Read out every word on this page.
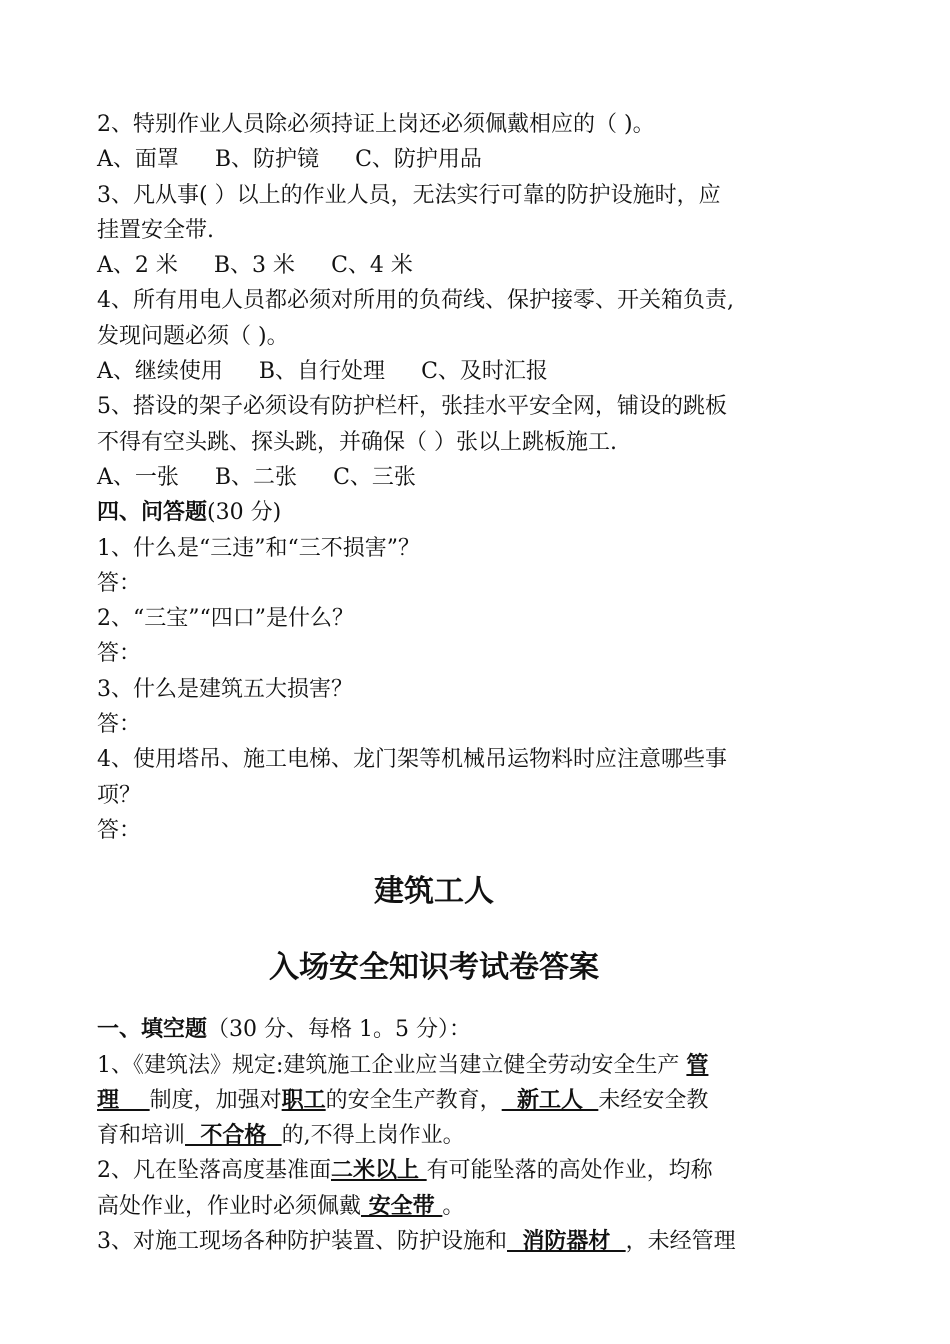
2、特别作业人员除必须持证上岗还必须佩戴相应的（ )。
A、面罩 B、防护镜 C、防护用品
3、凡从事( ）以上的作业人员，无法实行可靠的防护设施时，应
挂置安全带.
A、2 米 B、3 米 C、4 米
4、所有用电人员都必须对所用的负荷线、保护接零、开关箱负责,
发现问题必须（ )。
A、继续使用 B、自行处理 C、及时汇报
5、搭设的架子必须设有防护栏杆，张挂水平安全网，铺设的跳板
不得有空头跳、探头跳，并确保（ ）张以上跳板施工.
A、一张 B、二张 C、三张
四、问答题(30 分)
1、什么是“三违”和“三不损害”？
答：
2、“三宝”“四口”是什么？
答：
3、什么是建筑五大损害？
答：
4、使用塔吊、施工电梯、龙门架等机械吊运物料时应注意哪些事
项？
答：
建筑工人
入场安全知识考试卷答案
一、填空题（30 分、每格 1。5 分）：
1、《建筑法》规定:建筑施工企业应当建立健全劳动安全生产 管
理    制度，加强对职工的安全生产教育，  新工人  未经安全教
育和培训  不合格  的,不得上岗作业。
2、凡在坠落高度基准面二米以上 有可能坠落的高处作业，均称
高处作业，作业时必须佩戴 安全带 。
3、对施工现场各种防护装置、防护设施和  消防器材  ，未经管理
